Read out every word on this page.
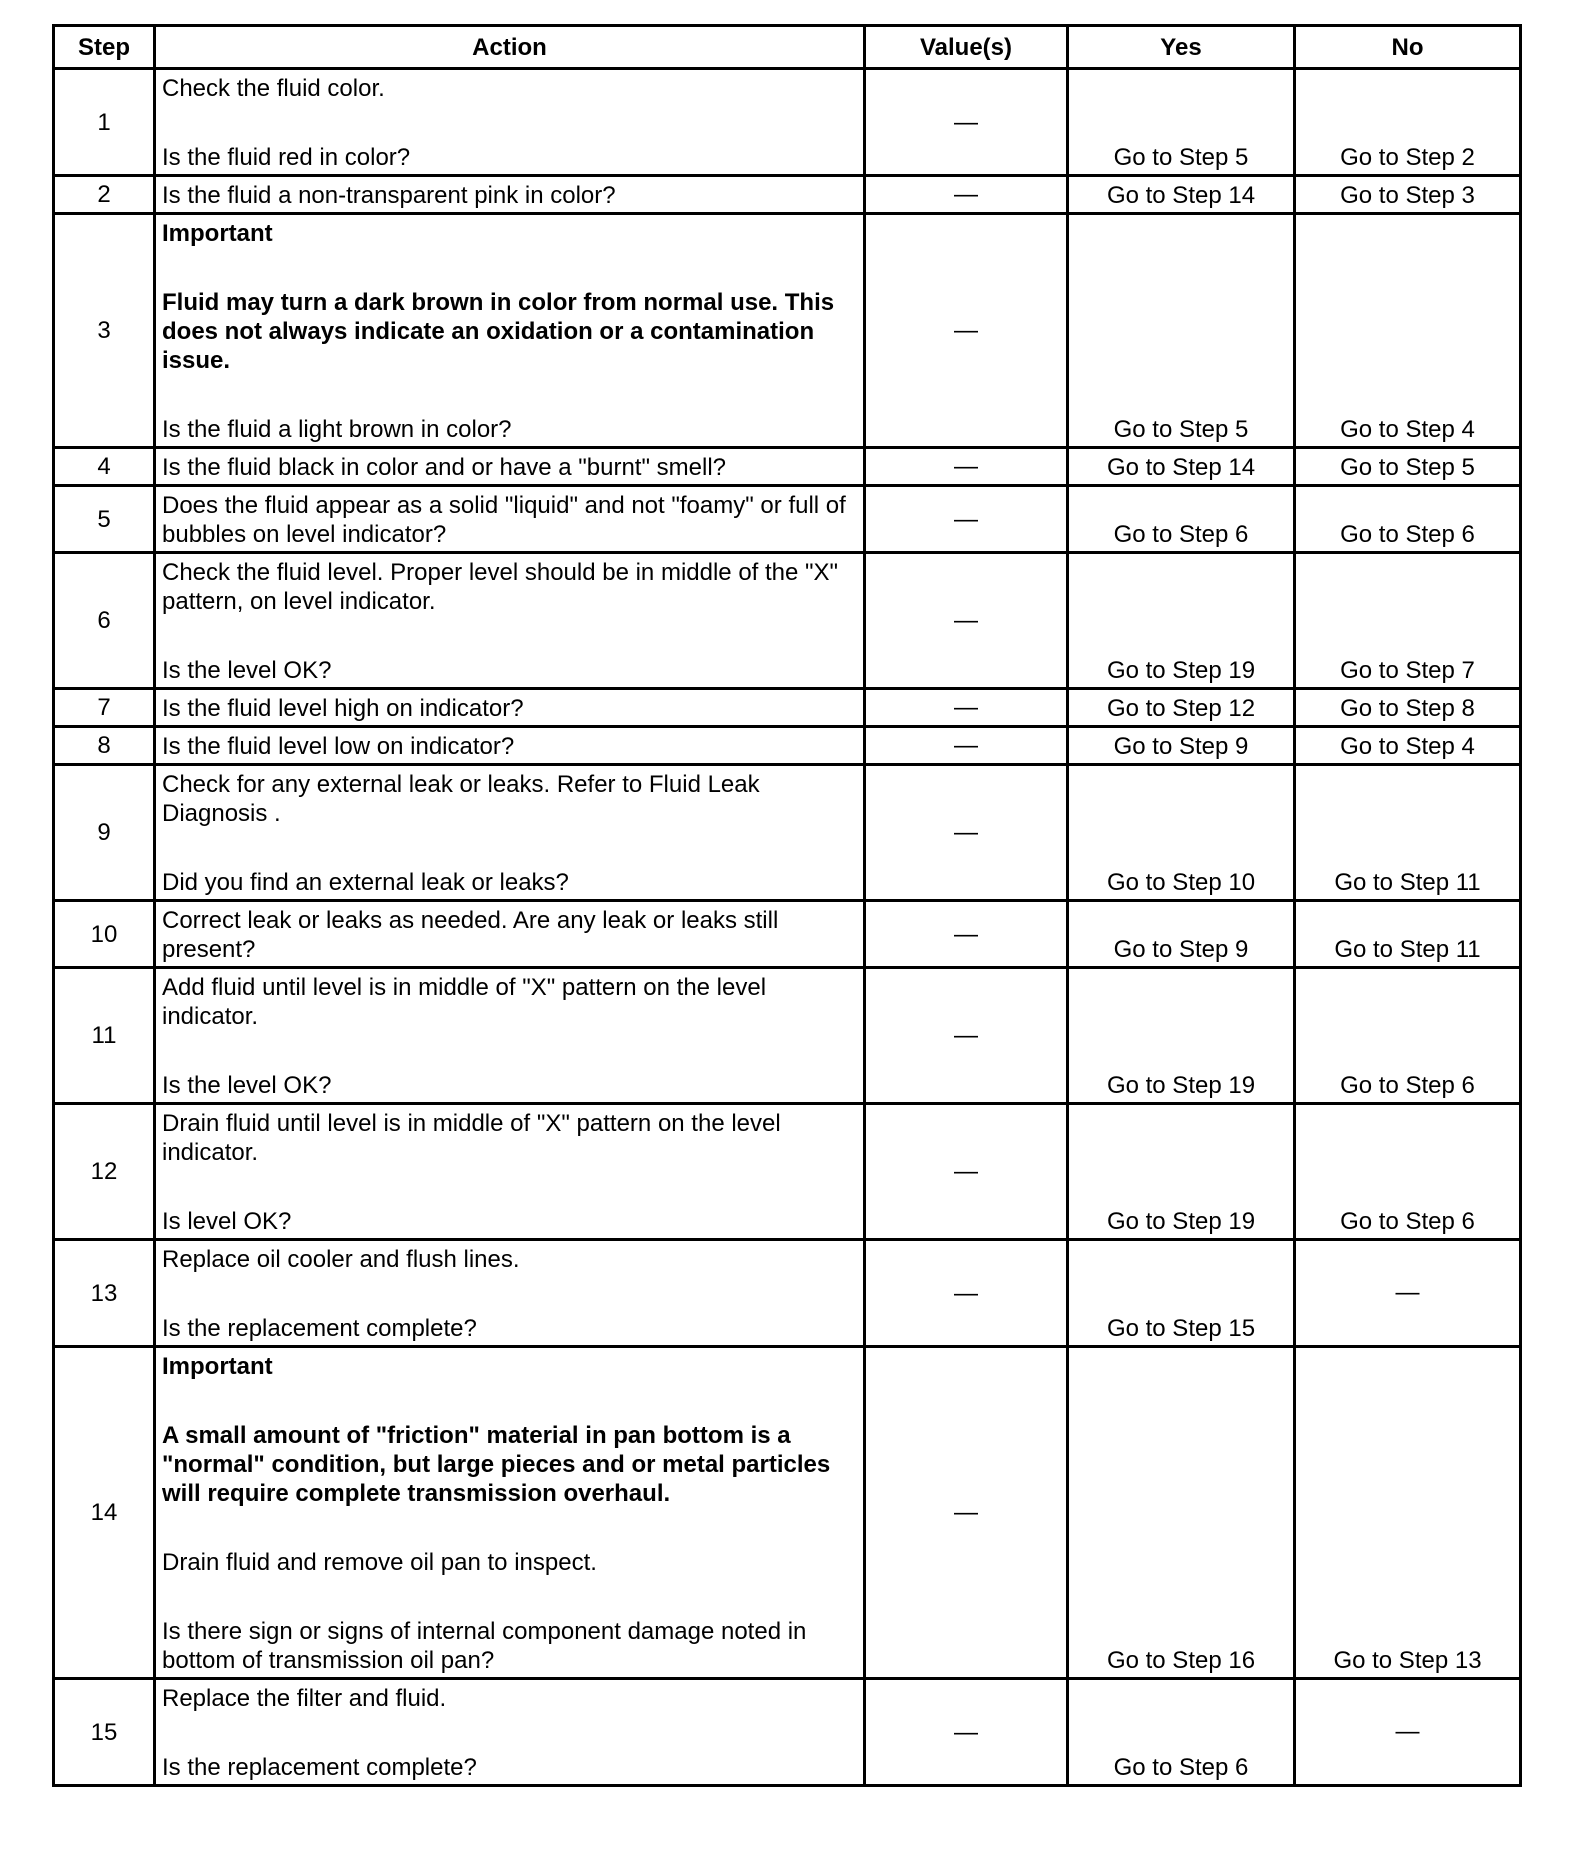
Step	Action	Value(s)	Yes	No
1	Check the fluid color.
Is the fluid red in color?	—	Go to Step 5	Go to Step 2
2	Is the fluid a non-transparent pink in color?	—	Go to Step 14	Go to Step 3
3	Important
Fluid may turn a dark brown in color from normal use. This does not always indicate an oxidation or a contamination issue.
Is the fluid a light brown in color?	—	Go to Step 5	Go to Step 4
4	Is the fluid black in color and or have a "burnt" smell?	—	Go to Step 14	Go to Step 5
5	Does the fluid appear as a solid "liquid" and not "foamy" or full of bubbles on level indicator?	—	Go to Step 6	Go to Step 6
6	Check the fluid level. Proper level should be in middle of the "X" pattern, on level indicator.
Is the level OK?	—	Go to Step 19	Go to Step 7
7	Is the fluid level high on indicator?	—	Go to Step 12	Go to Step 8
8	Is the fluid level low on indicator?	—	Go to Step 9	Go to Step 4
9	Check for any external leak or leaks. Refer to Fluid Leak Diagnosis .
Did you find an external leak or leaks?	—	Go to Step 10	Go to Step 11
10	Correct leak or leaks as needed. Are any leak or leaks still present?	—	Go to Step 9	Go to Step 11
11	Add fluid until level is in middle of "X" pattern on the level indicator.
Is the level OK?	—	Go to Step 19	Go to Step 6
12	Drain fluid until level is in middle of "X" pattern on the level indicator.
Is level OK?	—	Go to Step 19	Go to Step 6
13	Replace oil cooler and flush lines.
Is the replacement complete?	—	Go to Step 15	—
14	Important
A small amount of "friction" material in pan bottom is a "normal" condition, but large pieces and or metal particles will require complete transmission overhaul.
Drain fluid and remove oil pan to inspect.
Is there sign or signs of internal component damage noted in bottom of transmission oil pan?	—	Go to Step 16	Go to Step 13
15	Replace the filter and fluid.
Is the replacement complete?	—	Go to Step 6	—
